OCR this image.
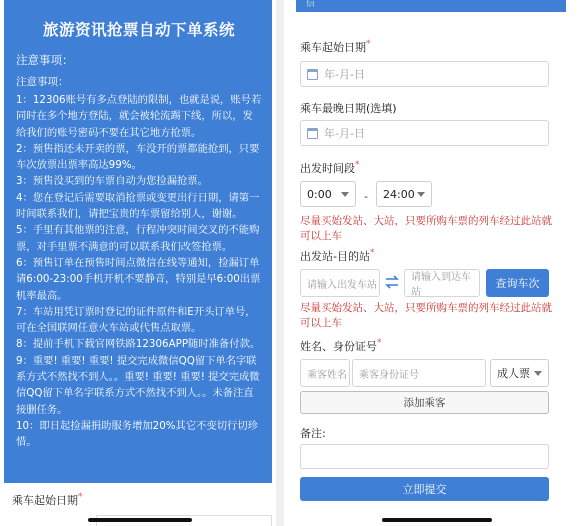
旅游资讯抢票自动下单系统
注意事项：
注意事项：
1：12306账号有多点登陆的限制，也就是说，账号若同时在多个地方登陆，就会被轮流踢下线，所以，发给我们的账号密码不要在其它地方抢票。
2：预售指还未开卖的票，车没开的票都能抢到，只要车次放票出票率高达99%。
3：预售没买到的车票自动为您捡漏抢票。
4：您在登记后需要取消抢票或变更出行日期，请第一时间联系我们，请把宝贵的车票留给别人，谢谢。
5：手里有其他票的注意，行程冲突时间交叉的不能购票，对手里票不满意的可以联系我们改签抢票。
6：预售订单在预售时间点微信在线等通知，捡漏订单请6:00-23:00手机开机不要静音，特别是早6:00出票机率最高。
7：车站用凭订票时登记的证件原件和E开头订单号，可在全国联网任意火车站或代售点取票。
8：提前手机下载官网铁路12306APP随时准备付款。
9：重要! 重要! 重要! 提交完成微信QQ留下单名字联系方式不然找不到人。。重要! 重要! 重要! 提交完成微信QQ留下单名字联系方式不然找不到人。。未备注直接删任务。
10：即日起捡漏捐助服务增加20%其它不变切行切珍惜。
乘车起始日期*
信
乘车起始日期*
年-月-日
乘车最晚日期(选填)
年-月-日
出发时间段*
0:00	- 24:00
尽量买始发站、大站，只要所购车票的列车经过此站就可以上车
出发站-目的站*
请输入出发车站
请输入到达车站
查询车次
尽量买始发站、大站，只要所购车票的列车经过此站就可以上车
姓名、身份证号*
乘客姓名 乘客身份证号	成人票
添加乘客
备注:
立即提交
